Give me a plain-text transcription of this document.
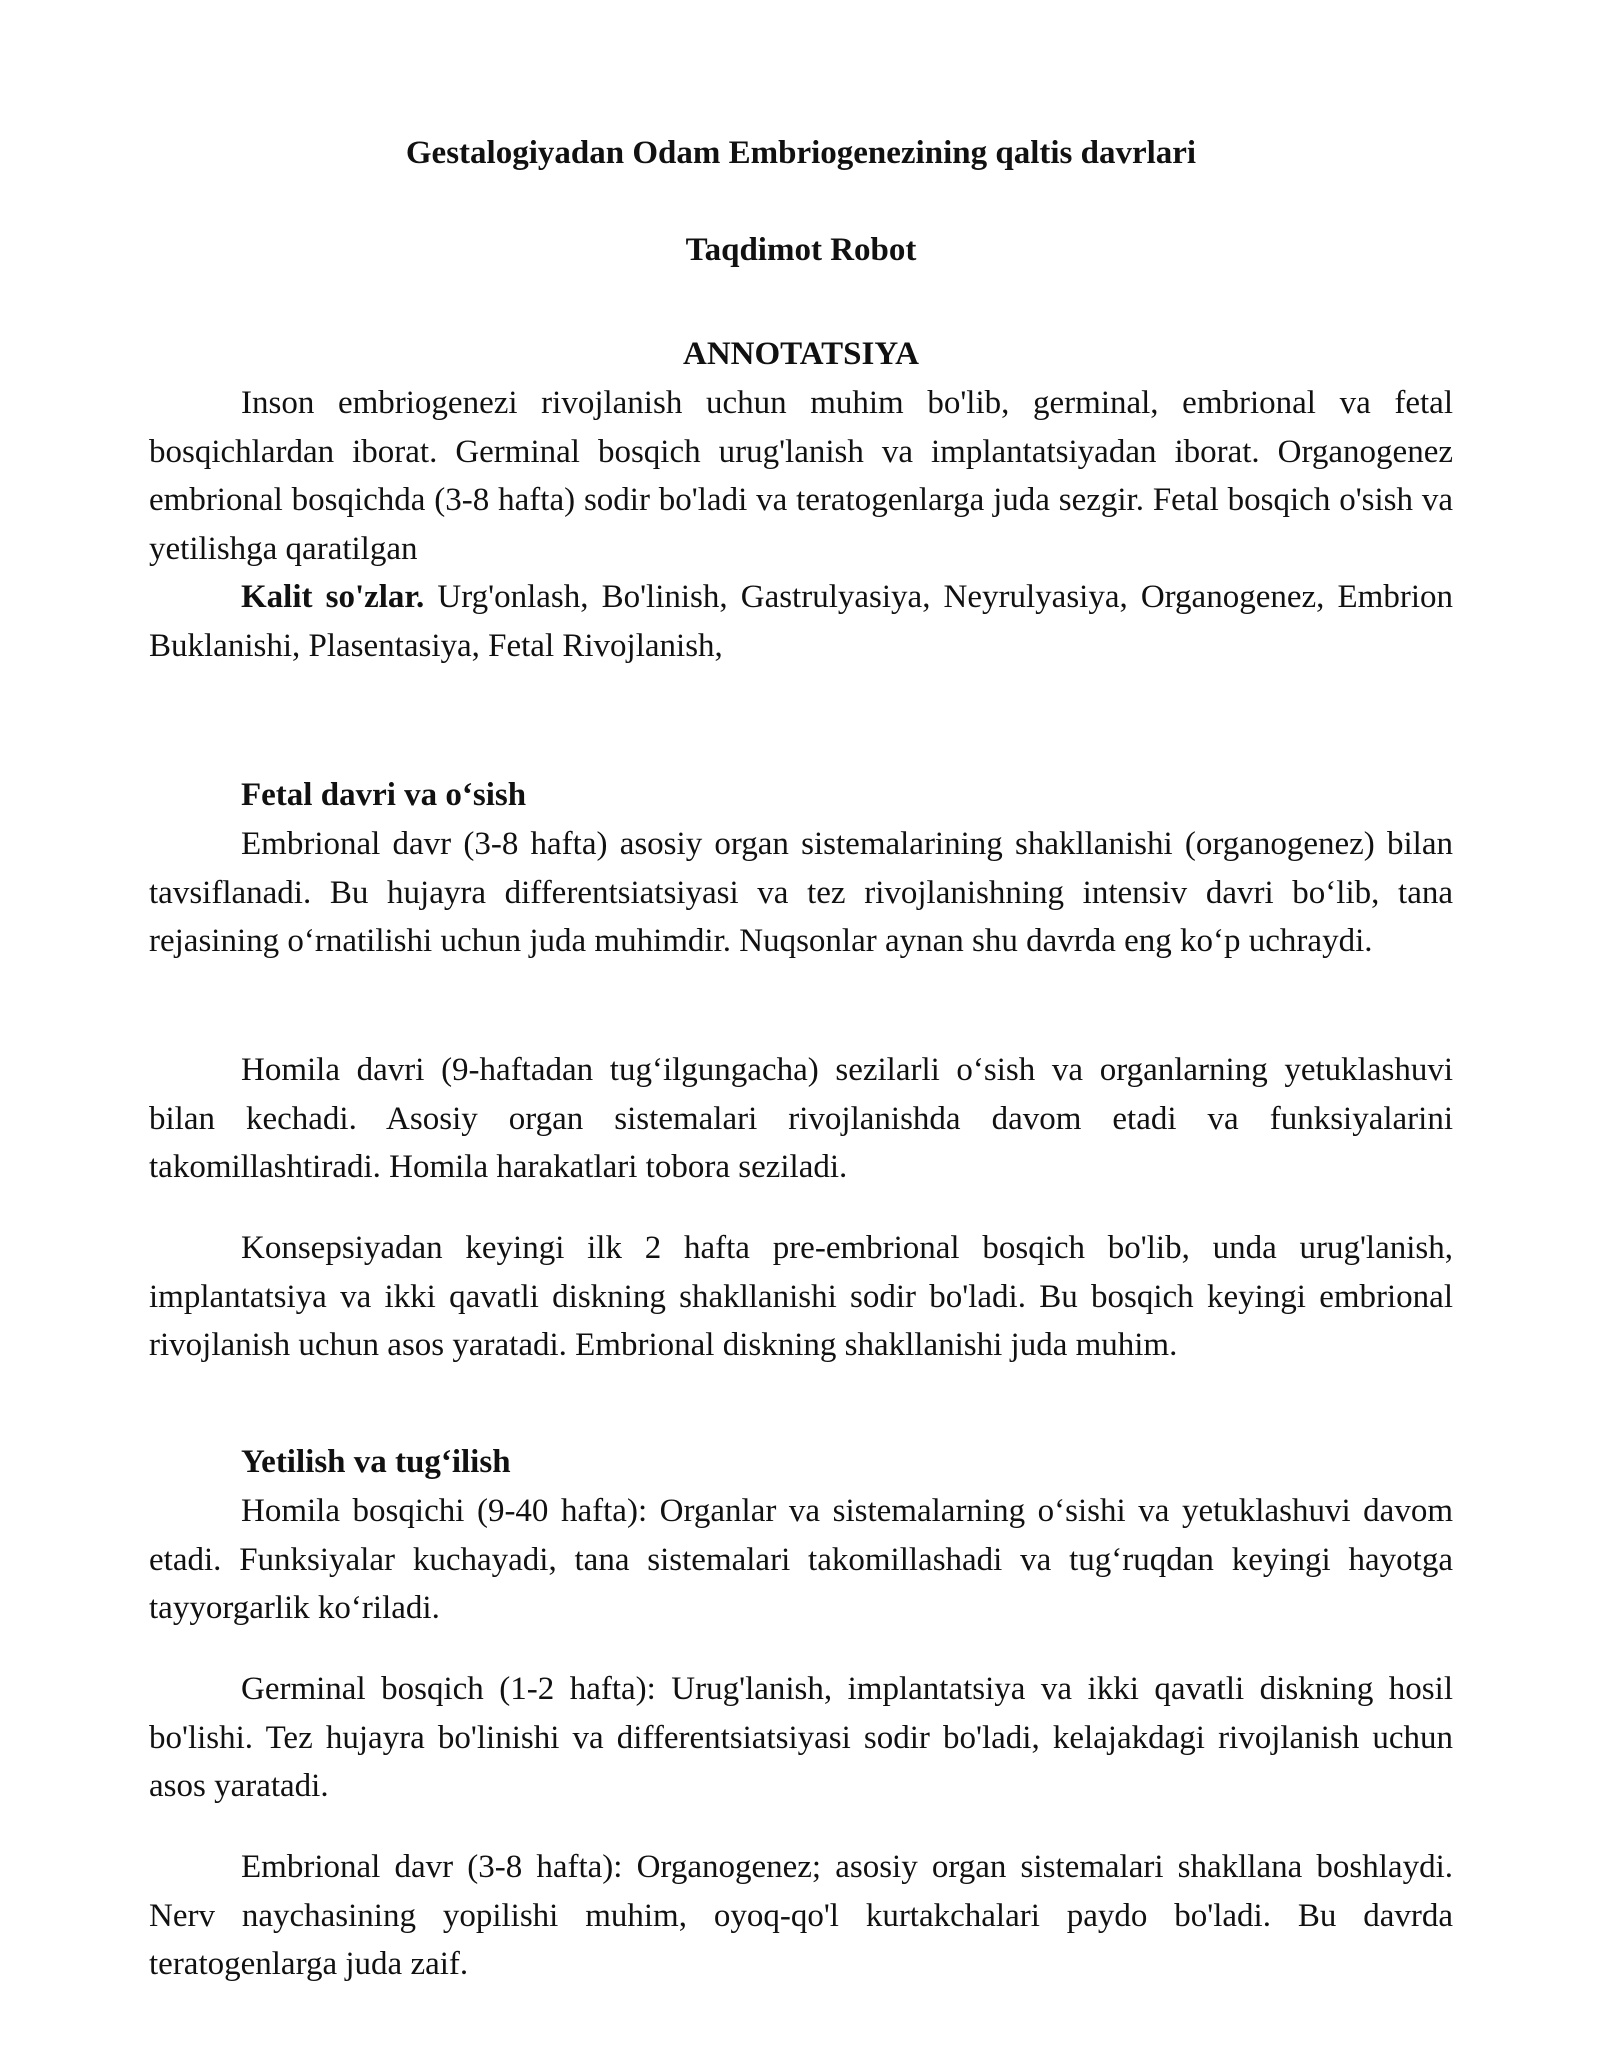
Gestalogiyadan Odam Embriogenezining qaltis davrlari

Taqdimot Robot

ANNOTATSIYA

Inson embriogenezi rivojlanish uchun muhim bo'lib, germinal, embrional va fetal bosqichlardan iborat. Germinal bosqich urug'lanish va implantatsiyadan iborat. Organogenez embrional bosqichda (3-8 hafta) sodir bo'ladi va teratogenlarga juda sezgir. Fetal bosqich o'sish va yetilishga qaratilgan

Kalit so'zlar. Urg'onlash, Bo'linish, Gastrulyasiya, Neyrulyasiya, Organogenez, Embrion Buklanishi, Plasentasiya, Fetal Rivojlanish,

Fetal davri va o‘sish

Embrional davr (3-8 hafta) asosiy organ sistemalarining shakllanishi (organogenez) bilan tavsiflanadi. Bu hujayra differentsiatsiyasi va tez rivojlanishning intensiv davri bo‘lib, tana rejasining o‘rnatilishi uchun juda muhimdir. Nuqsonlar aynan shu davrda eng ko‘p uchraydi.

Homila davri (9-haftadan tug‘ilgungacha) sezilarli o‘sish va organlarning yetuklashuvi bilan kechadi. Asosiy organ sistemalari rivojlanishda davom etadi va funksiyalarini takomillashtiradi. Homila harakatlari tobora seziladi.

Konsepsiyadan keyingi ilk 2 hafta pre-embrional bosqich bo'lib, unda urug'lanish, implantatsiya va ikki qavatli diskning shakllanishi sodir bo'ladi. Bu bosqich keyingi embrional rivojlanish uchun asos yaratadi. Embrional diskning shakllanishi juda muhim.

Yetilish va tug‘ilish

Homila bosqichi (9-40 hafta): Organlar va sistemalarning o‘sishi va yetuklashuvi davom etadi. Funksiyalar kuchayadi, tana sistemalari takomillashadi va tug‘ruqdan keyingi hayotga tayyorgarlik ko‘riladi.

Germinal bosqich (1-2 hafta): Urug'lanish, implantatsiya va ikki qavatli diskning hosil bo'lishi. Tez hujayra bo'linishi va differentsiatsiyasi sodir bo'ladi, kelajakdagi rivojlanish uchun asos yaratadi.

Embrional davr (3-8 hafta): Organogenez; asosiy organ sistemalari shakllana boshlaydi. Nerv naychasining yopilishi muhim, oyoq-qo'l kurtakchalari paydo bo'ladi. Bu davrda teratogenlarga juda zaif.
